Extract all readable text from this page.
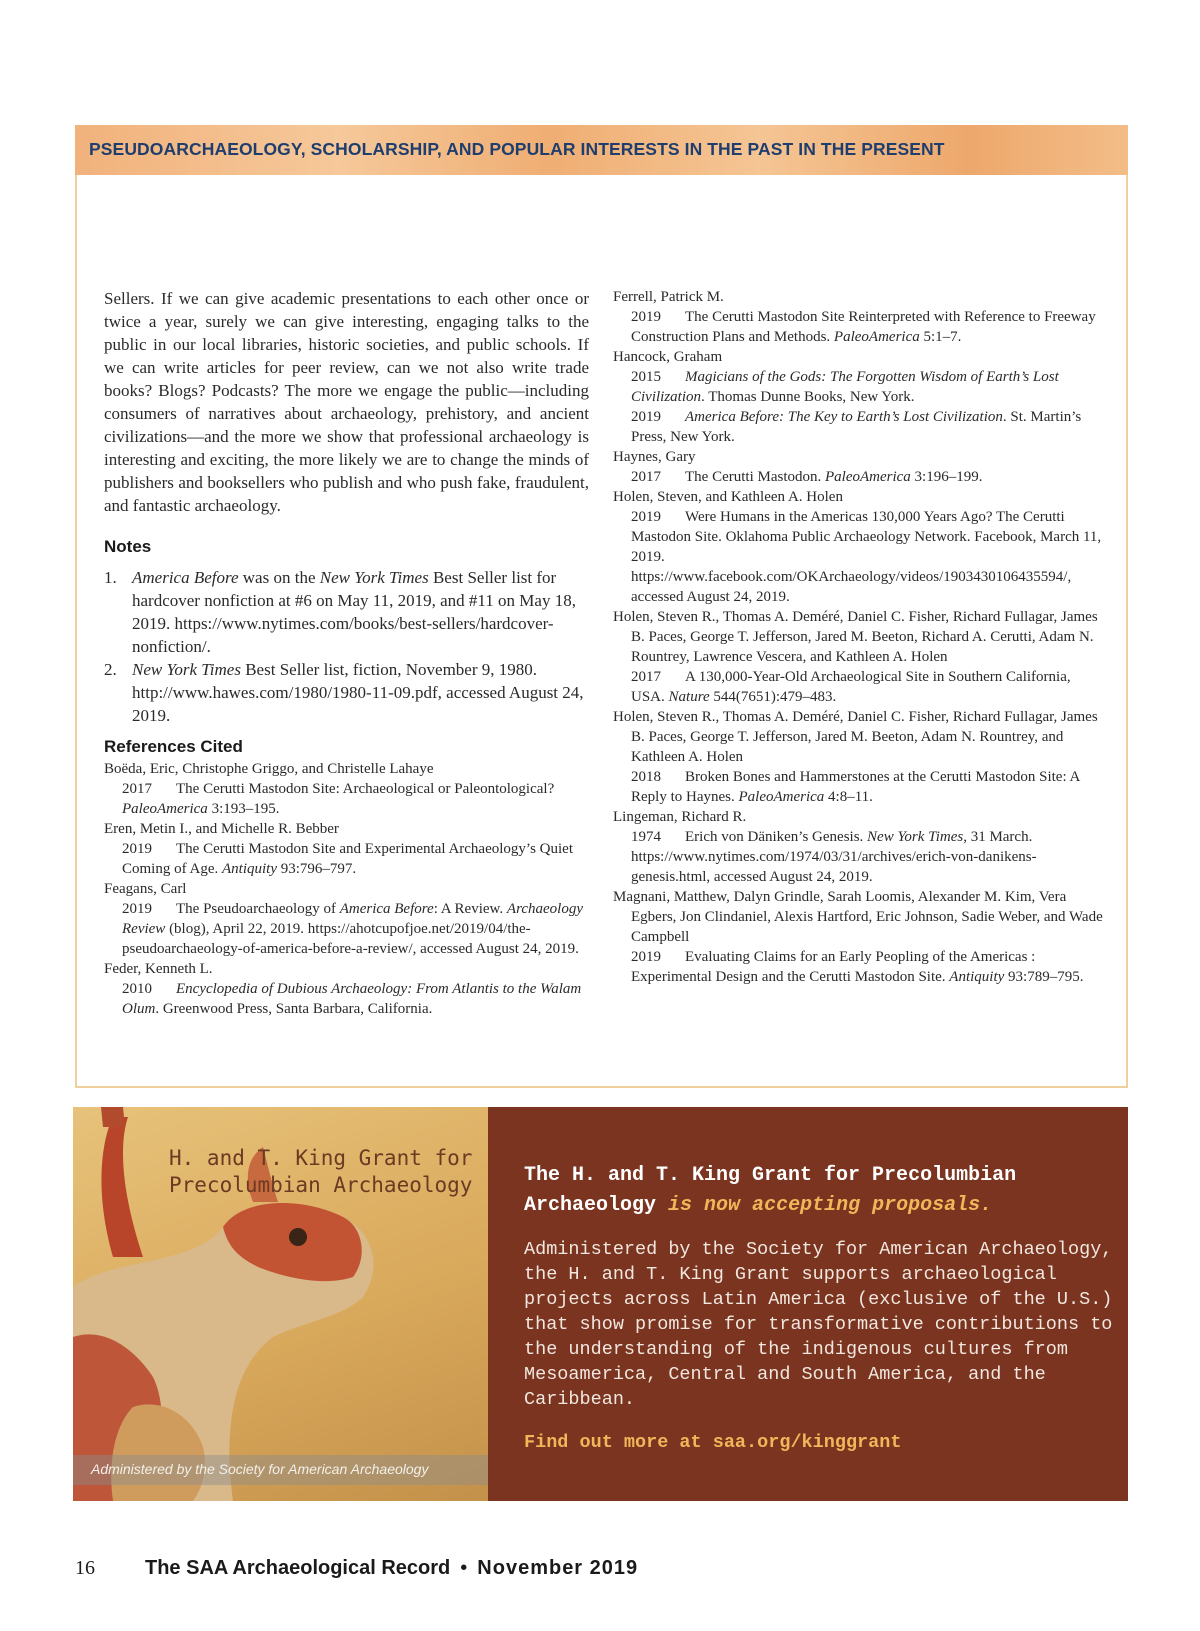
PSEUDOARCHAEOLOGY, SCHOLARSHIP, AND POPULAR INTERESTS IN THE PAST IN THE PRESENT

Sellers. If we can give academic presentations to each other once or twice a year, surely we can give interesting, engaging talks to the public in our local libraries, historic societies, and public schools. If we can write articles for peer review, can we not also write trade books? Blogs? Podcasts? The more we engage the public—including consumers of narratives about archaeology, prehistory, and ancient civilizations—and the more we show that professional archaeology is interesting and exciting, the more likely we are to change the minds of publishers and booksellers who publish and who push fake, fraudulent, and fantastic archaeology.

Notes
1. America Before was on the New York Times Best Seller list for hardcover nonfiction at #6 on May 11, 2019, and #11 on May 18, 2019. https://www.nytimes.com/books/best-sellers/hardcover-nonfiction/.
2. New York Times Best Seller list, fiction, November 9, 1980. http://www.hawes.com/1980/1980-11-09.pdf, accessed August 24, 2019.
References Cited
Boëda, Eric, Christophe Griggo, and Christelle Lahaye
2017 The Cerutti Mastodon Site: Archaeological or Paleontological? PaleoAmerica 3:193–195.
Eren, Metin I., and Michelle R. Bebber
2019 The Cerutti Mastodon Site and Experimental Archaeology’s Quiet Coming of Age. Antiquity 93:796–797.
Feagans, Carl
2019 The Pseudoarchaeology of America Before: A Review. Archaeology Review (blog), April 22, 2019. https://ahotcupofjoe.net/2019/04/the-pseudoarchaeology-of-america-before-a-review/, accessed August 24, 2019.
Feder, Kenneth L.
2010 Encyclopedia of Dubious Archaeology: From Atlantis to the Walam Olum. Greenwood Press, Santa Barbara, California.
Ferrell, Patrick M.
2019 The Cerutti Mastodon Site Reinterpreted with Reference to Freeway Construction Plans and Methods. PaleoAmerica 5:1–7.
Hancock, Graham
2015 Magicians of the Gods: The Forgotten Wisdom of Earth’s Lost Civilization. Thomas Dunne Books, New York.
2019 America Before: The Key to Earth’s Lost Civilization. St. Martin’s Press, New York.
Haynes, Gary
2017 The Cerutti Mastodon. PaleoAmerica 3:196–199.
Holen, Steven, and Kathleen A. Holen
2019 Were Humans in the Americas 130,000 Years Ago? The Cerutti Mastodon Site. Oklahoma Public Archaeology Network. Facebook, March 11, 2019. https://www.facebook.com/OKArchaeology/videos/1903430106435594/, accessed August 24, 2019.
Holen, Steven R., Thomas A. Deméré, Daniel C. Fisher, Richard Fullagar, James B. Paces, George T. Jefferson, Jared M. Beeton, Richard A. Cerutti, Adam N. Rountrey, Lawrence Vescera, and Kathleen A. Holen
2017 A 130,000-Year-Old Archaeological Site in Southern California, USA. Nature 544(7651):479–483.
Holen, Steven R., Thomas A. Deméré, Daniel C. Fisher, Richard Fullagar, James B. Paces, George T. Jefferson, Jared M. Beeton, Adam N. Rountrey, and Kathleen A. Holen
2018 Broken Bones and Hammerstones at the Cerutti Mastodon Site: A Reply to Haynes. PaleoAmerica 4:8–11.
Lingeman, Richard R.
1974 Erich von Däniken’s Genesis. New York Times, 31 March. https://www.nytimes.com/1974/03/31/archives/erich-von-danikens-genesis.html, accessed August 24, 2019.
Magnani, Matthew, Dalyn Grindle, Sarah Loomis, Alexander M. Kim, Vera Egbers, Jon Clindaniel, Alexis Hartford, Eric Johnson, Sadie Weber, and Wade Campbell
2019 Evaluating Claims for an Early Peopling of the Americas : Experimental Design and the Cerutti Mastodon Site. Antiquity 93:789–795.
H. and T. King Grant for
Precolumbian Archaeology
Administered by the Society for American Archaeology
The H. and T. King Grant for Precolumbian Archaeology is now accepting proposals.
Administered by the Society for American Archaeology, the H. and T. King Grant supports archaeological projects across Latin America (exclusive of the U.S.) that show promise for transformative contributions to the understanding of the indigenous cultures from Mesoamerica, Central and South America, and the Caribbean.
Find out more at saa.org/kinggrant
16	The SAA Archaeological Record • November 2019
